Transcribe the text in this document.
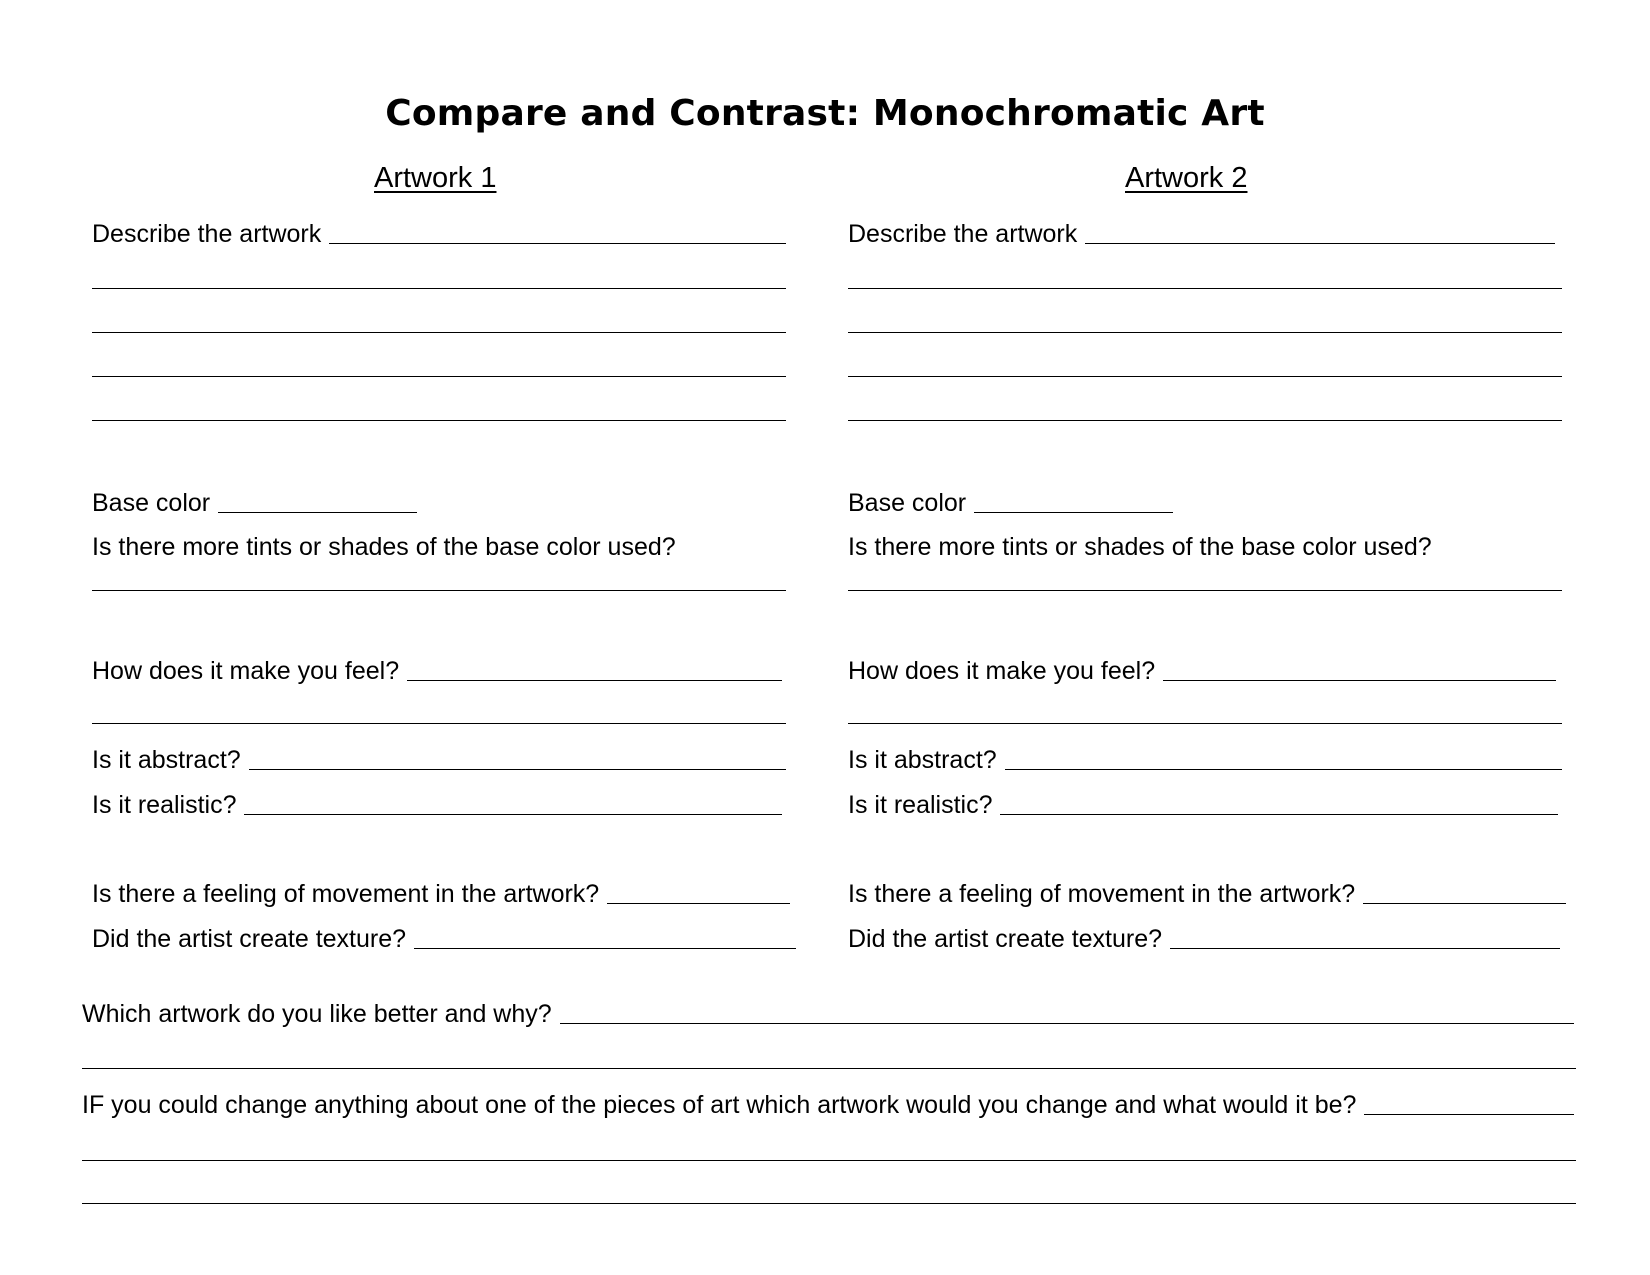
Compare and Contrast: Monochromatic Art
Artwork 1
Describe the artwork
Base color
Is there more tints or shades of the base color used?
How does it make you feel?
Is it abstract?
Is it realistic?
Is there a feeling of movement in the artwork?
Did the artist create texture?
Artwork 2
Describe the artwork
Base color
Is there more tints or shades of the base color used?
How does it make you feel?
Is it abstract?
Is it realistic?
Is there a feeling of movement in the artwork?
Did the artist create texture?
Which artwork do you like better and why?
IF you could change anything about one of the pieces of art which artwork would you change and what would it be?
